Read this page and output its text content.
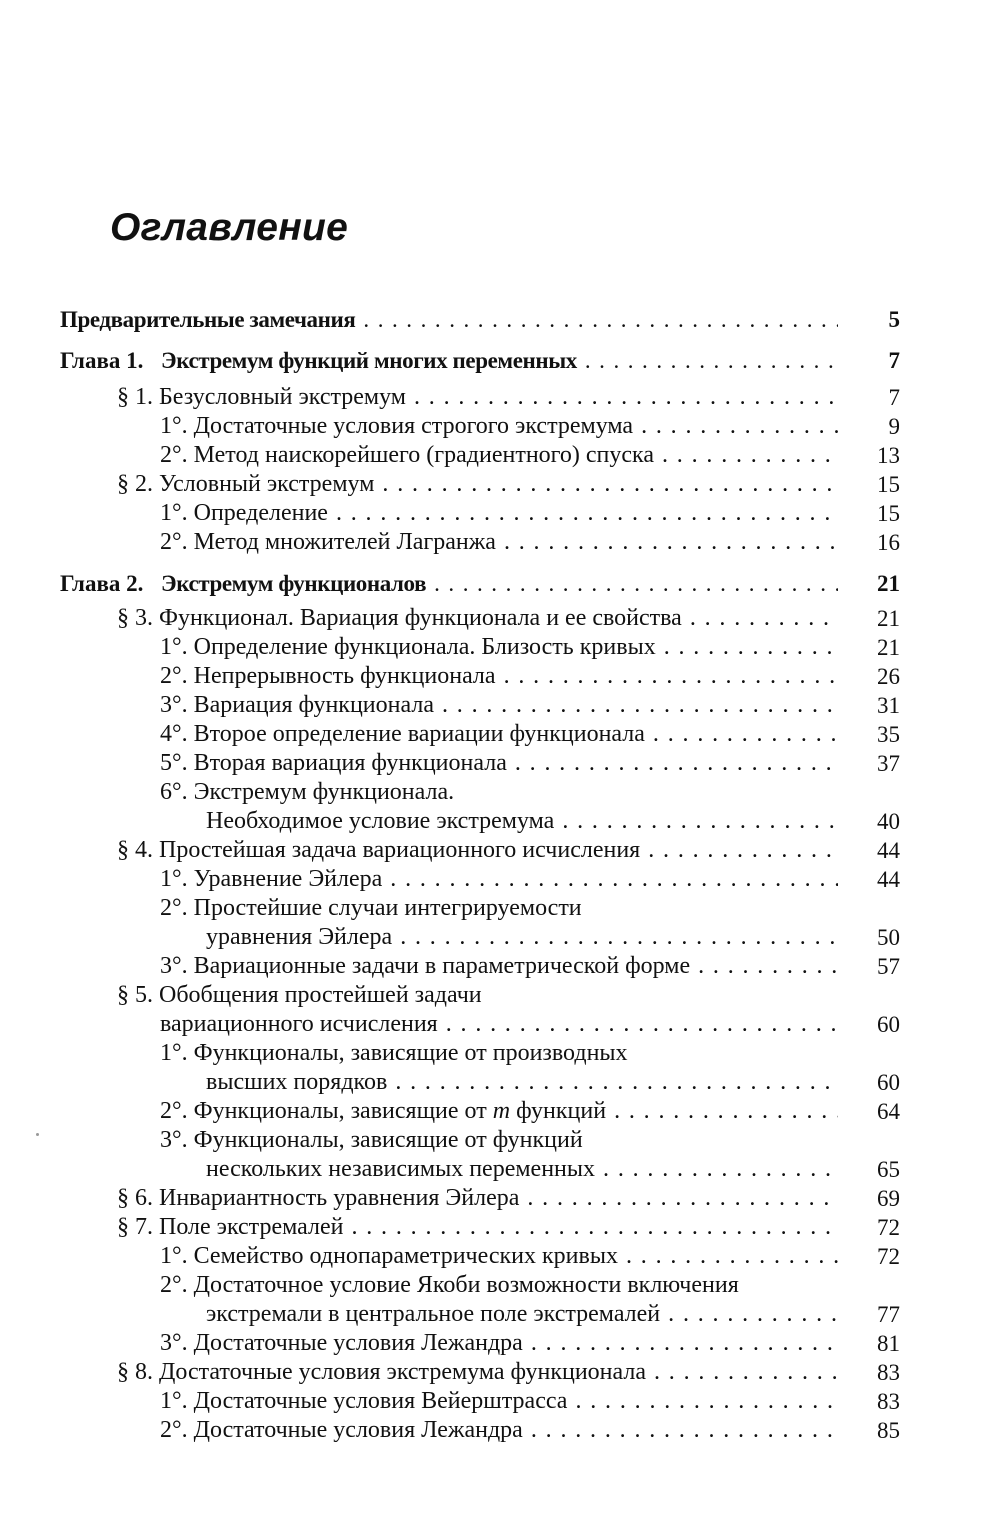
Оглавление
Предварительные замечания	5
. . .
Глава 1. Экстремум функций многих переменных	7
. . .
§ 1. Безусловный экстремум	7
. . .
1°. Достаточные условия строгого экстремума	9
. . .
2°. Метод наискорейшего (градиентного) спуска	13
. . .
§ 2. Условный экстремум	15
. . .
1°. Определение	15
. . .
2°. Метод множителей Лагранжа	16
. . .
Глава 2. Экстремум функционалов	21
. . .
§ 3. Функционал. Вариация функционала и ее свойства	21
. . .
1°. Определение функционала. Близость кривых	21
. . .
2°. Непрерывность функционала	26
. . .
3°. Вариация функционала	31
. . .
4°. Второе определение вариации функционала	35
. . .
5°. Вторая вариация функционала	37
. . .
6°. Экстремум функционала.
Необходимое условие экстремума	40
. . .
§ 4. Простейшая задача вариационного исчисления	44
. . .
1°. Уравнение Эйлера	44
. . .
2°. Простейшие случаи интегрируемости
уравнения Эйлера	50
. . .
3°. Вариационные задачи в параметрической форме	57
. . .
§ 5. Обобщения простейшей задачи
вариационного исчисления	60
. . .
1°. Функционалы, зависящие от производных
высших порядков	60
. . .
2°. Функционалы, зависящие от m функций	64
. . .
3°. Функционалы, зависящие от функций
нескольких независимых переменных	65
. . .
§ 6. Инвариантность уравнения Эйлера	69
. . .
§ 7. Поле экстремалей	72
. . .
1°. Семейство однопараметрических кривых	72
. . .
2°. Достаточное условие Якоби возможности включения
экстремали в центральное поле экстремалей	77
. . .
3°. Достаточные условия Лежандра	81
. . .
§ 8. Достаточные условия экстремума функционала	83
. . .
1°. Достаточные условия Вейерштрасса	83
. . .
2°. Достаточные условия Лежандра	85
. . .
